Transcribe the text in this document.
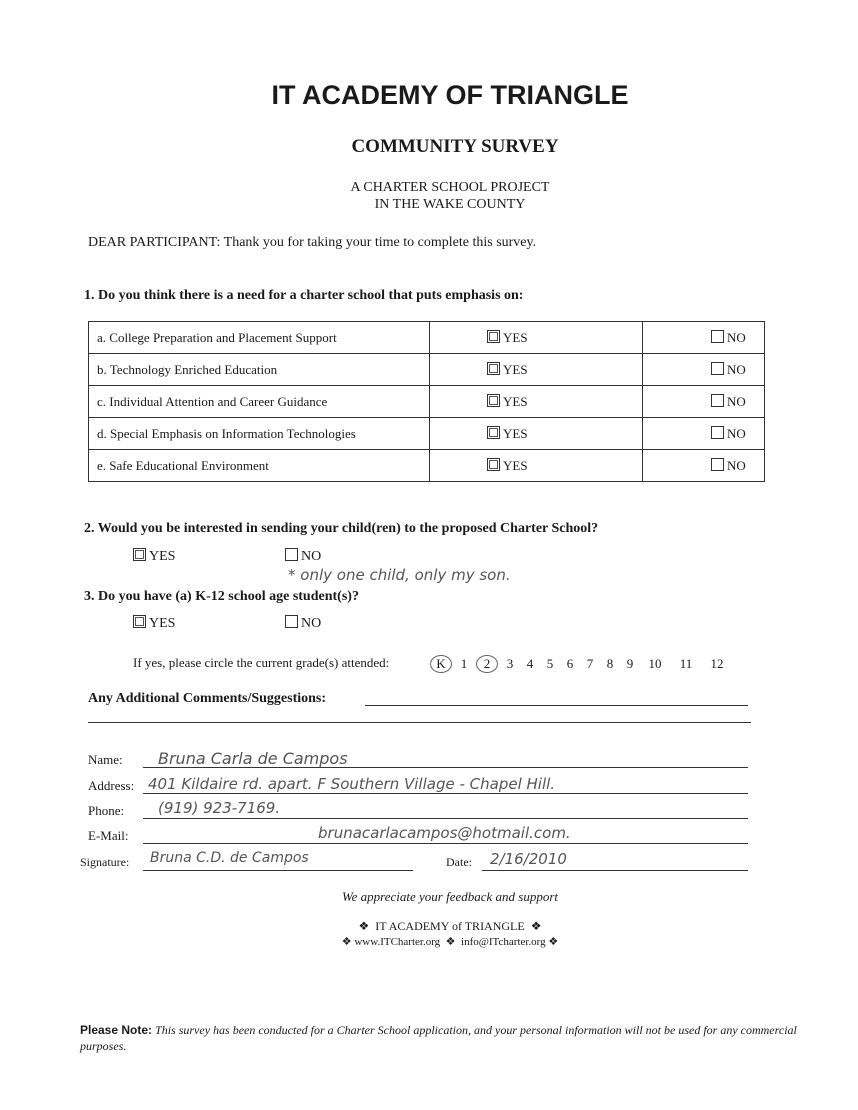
IT ACADEMY OF TRIANGLE
COMMUNITY SURVEY
A CHARTER SCHOOL PROJECT
IN THE WAKE COUNTY
DEAR PARTICIPANT: Thank you for taking your time to complete this survey.
1. Do you think there is a need for a charter school that puts emphasis on:
a. College Preparation and Placement Support	YES	NO
b. Technology Enriched Education	YES	NO
c. Individual Attention and Career Guidance	YES	NO
d. Special Emphasis on Information Technologies	YES	NO
e. Safe Educational Environment	YES	NO
2. Would you be interested in sending your child(ren) to the proposed Charter School?
YES	NO
* only one child, only my son.
3. Do you have (a) K-12 school age student(s)?
YES	NO
If yes, please circle the current grade(s) attended:	K 1 2 3 4 5 6 7 8 9 10 11 12
Any Additional Comments/Suggestions:
Name: Bruna Carla de Campos
Address: 401 Kildaire rd. apart. F Southern Village - Chapel Hill.
Phone: (919) 923-7169.
E-Mail:	brunacarlacampos@hotmail.com.
Signature: Bruna C.D. de Campos	Date: 2/16/2010
We appreciate your feedback and support
❖ IT ACADEMY of TRIANGLE ❖
❖ www.ITCharter.org ❖ info@ITcharter.org ❖
Please Note: This survey has been conducted for a Charter School application, and your personal information will not be used for any commercial purposes.
